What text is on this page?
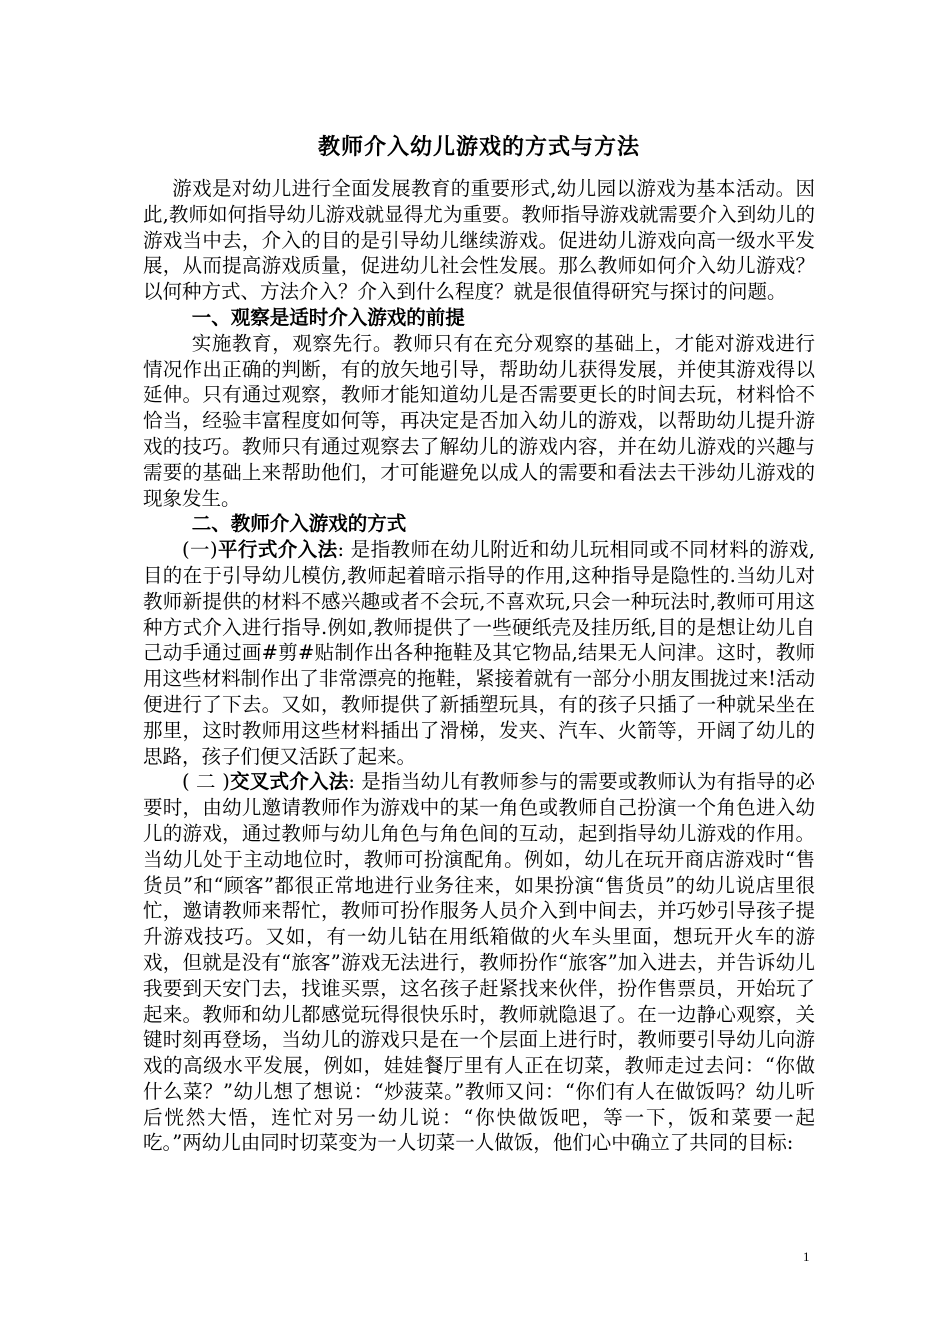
教师介入幼儿游戏的方式与方法

游戏是对幼儿进行全面发展教育的重要形式,幼儿园以游戏为基本活动。因此,教师如何指导幼儿游戏就显得尤为重要。教师指导游戏就需要介入到幼儿的游戏当中去，介入的目的是引导幼儿继续游戏。促进幼儿游戏向高一级水平发展，从而提高游戏质量，促进幼儿社会性发展。那么教师如何介入幼儿游戏？以何种方式、方法介入？介入到什么程度？就是很值得研究与探讨的问题。

一、观察是适时介入游戏的前提

实施教育，观察先行。教师只有在充分观察的基础上，才能对游戏进行情况作出正确的判断，有的放矢地引导，帮助幼儿获得发展，并使其游戏得以延伸。只有通过观察，教师才能知道幼儿是否需要更长的时间去玩，材料恰不恰当，经验丰富程度如何等，再决定是否加入幼儿的游戏，以帮助幼儿提升游戏的技巧。教师只有通过观察去了解幼儿的游戏内容，并在幼儿游戏的兴趣与需要的基础上来帮助他们，才可能避免以成人的需要和看法去干涉幼儿游戏的现象发生。

二、教师介入游戏的方式

(一)平行式介入法: 是指教师在幼儿附近和幼儿玩相同或不同材料的游戏,目的在于引导幼儿模仿,教师起着暗示指导的作用,这种指导是隐性的.当幼儿对教师新提供的材料不感兴趣或者不会玩,不喜欢玩,只会一种玩法时,教师可用这种方式介入进行指导.例如,教师提供了一些硬纸壳及挂历纸,目的是想让幼儿自己动手通过画#剪#贴制作出各种拖鞋及其它物品,结果无人问津。这时，教师用这些材料制作出了非常漂亮的拖鞋，紧接着就有一部分小朋友围拢过来!活动便进行了下去。又如，教师提供了新插塑玩具，有的孩子只插了一种就呆坐在那里，这时教师用这些材料插出了滑梯，发夹、汽车、火箭等，开阔了幼儿的思路，孩子们便又活跃了起来。

( 二 )交叉式介入法: 是指当幼儿有教师参与的需要或教师认为有指导的必要时，由幼儿邀请教师作为游戏中的某一角色或教师自己扮演一个角色进入幼儿的游戏，通过教师与幼儿角色与角色间的互动，起到指导幼儿游戏的作用。当幼儿处于主动地位时，教师可扮演配角。例如，幼儿在玩开商店游戏时“售货员”和“顾客”都很正常地进行业务往来，如果扮演“售货员”的幼儿说店里很忙，邀请教师来帮忙，教师可扮作服务人员介入到中间去，并巧妙引导孩子提升游戏技巧。又如，有一幼儿钻在用纸箱做的火车头里面，想玩开火车的游戏，但就是没有“旅客”游戏无法进行，教师扮作“旅客”加入进去，并告诉幼儿我要到天安门去，找谁买票，这名孩子赶紧找来伙伴，扮作售票员，开始玩了起来。教师和幼儿都感觉玩得很快乐时，教师就隐退了。在一边静心观察，关键时刻再登场，当幼儿的游戏只是在一个层面上进行时，教师要引导幼儿向游戏的高级水平发展，例如，娃娃餐厅里有人正在切菜，教师走过去问：“你做什么菜？”幼儿想了想说：“炒菠菜。”教师又问：“你们有人在做饭吗？幼儿听后恍然大悟，连忙对另一幼儿说：“你快做饭吧，等一下，饭和菜要一起吃。”两幼儿由同时切菜变为一人切菜一人做饭，他们心中确立了共同的目标:

1
